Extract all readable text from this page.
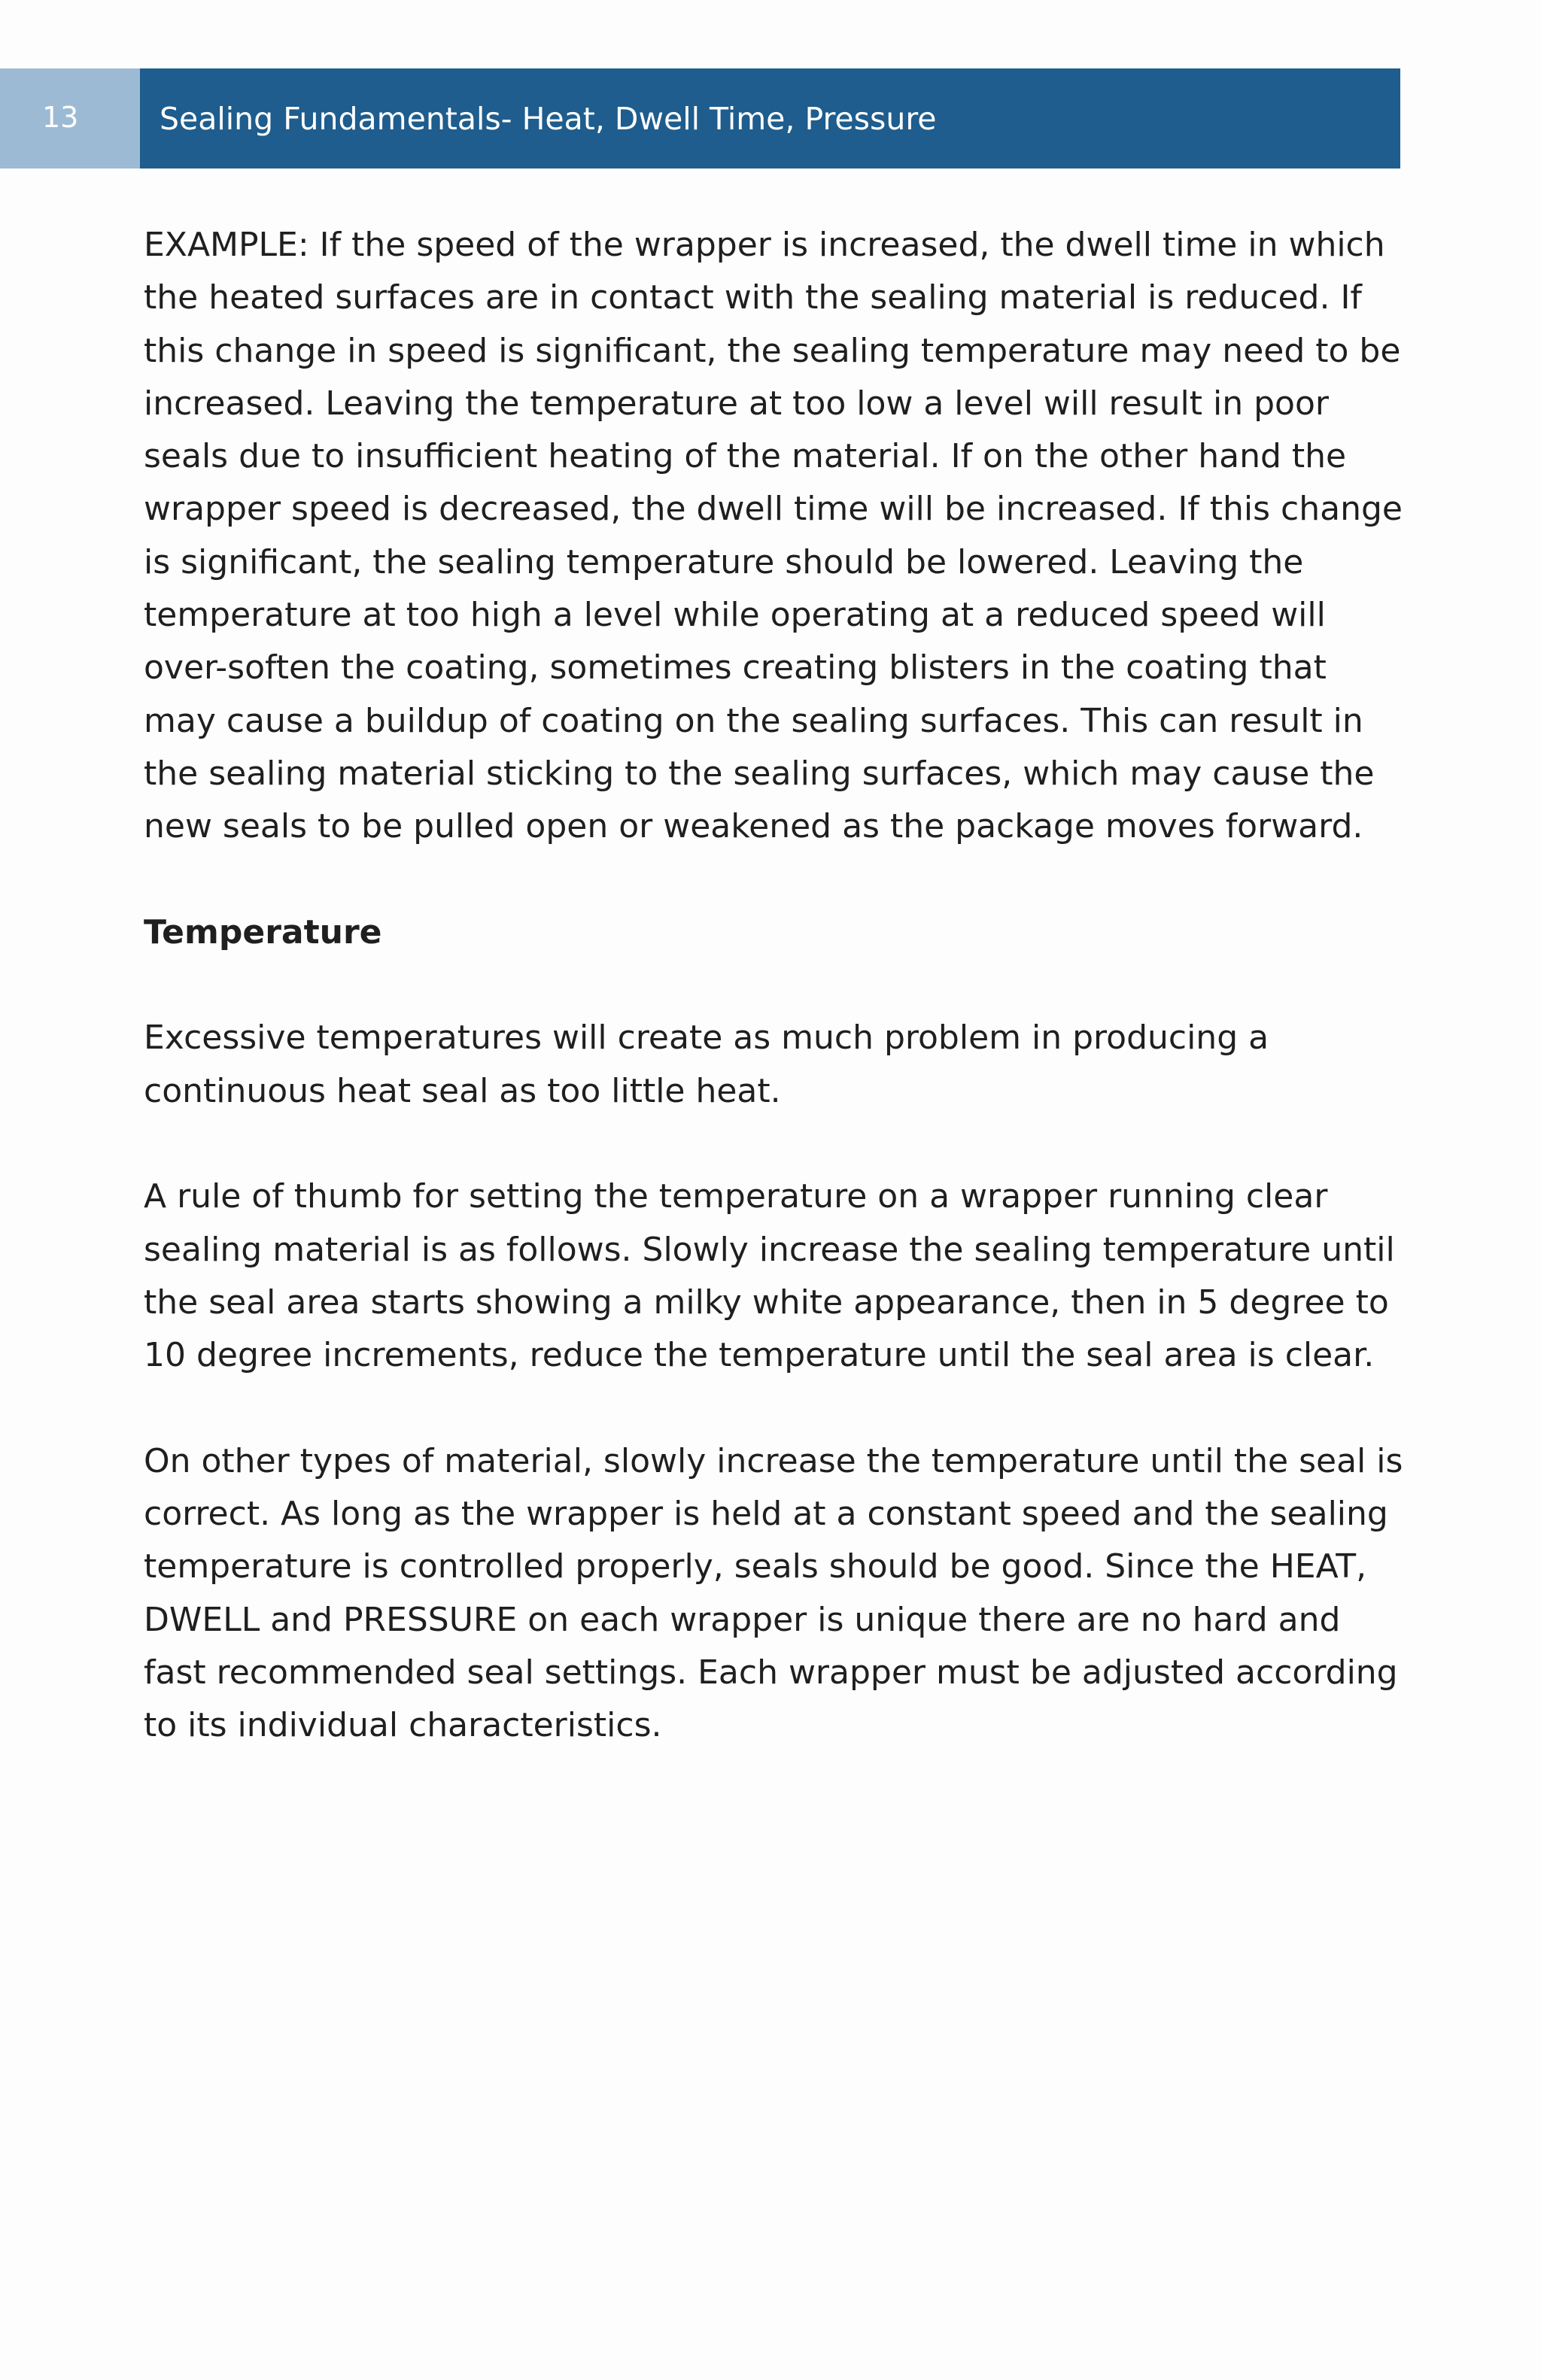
13	Sealing Fundamentals- Heat, Dwell Time, Pressure

EXAMPLE: If the speed of the wrapper is increased, the dwell time in which the heated surfaces are in contact with the sealing material is reduced. If this change in speed is significant, the sealing temperature may need to be increased. Leaving the temperature at too low a level will result in poor seals due to insufficient heating of the material. If on the other hand the wrapper speed is decreased, the dwell time will be increased. If this change is significant, the sealing temperature should be lowered. Leaving the temperature at too high a level while operating at a reduced speed will over-soften the coating, sometimes creating blisters in the coating that may cause a buildup of coating on the sealing surfaces. This can result in the sealing material sticking to the sealing surfaces, which may cause the new seals to be pulled open or weakened as the package moves forward.

Temperature

Excessive temperatures will create as much problem in producing a continuous heat seal as too little heat.

A rule of thumb for setting the temperature on a wrapper running clear sealing material is as follows. Slowly increase the sealing temperature until the seal area starts showing a milky white appearance, then in 5 degree to 10 degree increments, reduce the temperature until the seal area is clear.

On other types of material, slowly increase the temperature until the seal is correct. As long as the wrapper is held at a constant speed and the sealing temperature is controlled properly, seals should be good. Since the HEAT, DWELL and PRESSURE on each wrapper is unique there are no hard and fast recommended seal settings. Each wrapper must be adjusted according to its individual characteristics.
